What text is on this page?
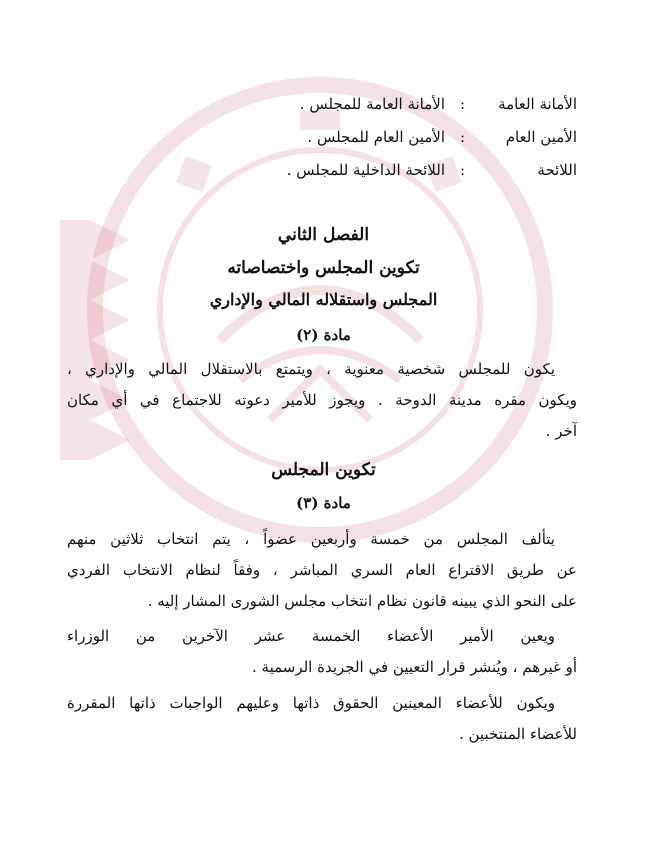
الأمانة العامة
:
الأمانة العامة للمجلس .
الأمين العام
:
الأمين العام للمجلس .
اللائحة
:
اللائحة الداخلية للمجلس .
الفصل الثاني
تكوين المجلس واختصاصاته
المجلس واستقلاله المالي والإداري
مادة (٢)
يكون للمجلس شخصية معنوية ، ويتمتع بالاستقلال المالي والإداري ،
ويكون مقره مدينة الدوحة . ويجوز للأمير دعوته للاجتماع في أي مكان
آخر .
تكوين المجلس
مادة (٣)
يتألف المجلس من خمسة وأربعين عضواً ، يتم انتخاب ثلاثين منهم
عن طريق الاقتراع العام السري المباشر ، وفقاً لنظام الانتخاب الفردي
على النحو الذي يبينه قانون نظام انتخاب مجلس الشورى المشار إليه .
ويعين الأمير الأعضاء الخمسة عشر الآخرين من الوزراء
أو غيرهم ، ويُنشر قرار التعيين في الجريدة الرسمية .
ويكون للأعضاء المعينين الحقوق ذاتها وعليهم الواجبات ذاتها المقررة
للأعضاء المنتخبين .
